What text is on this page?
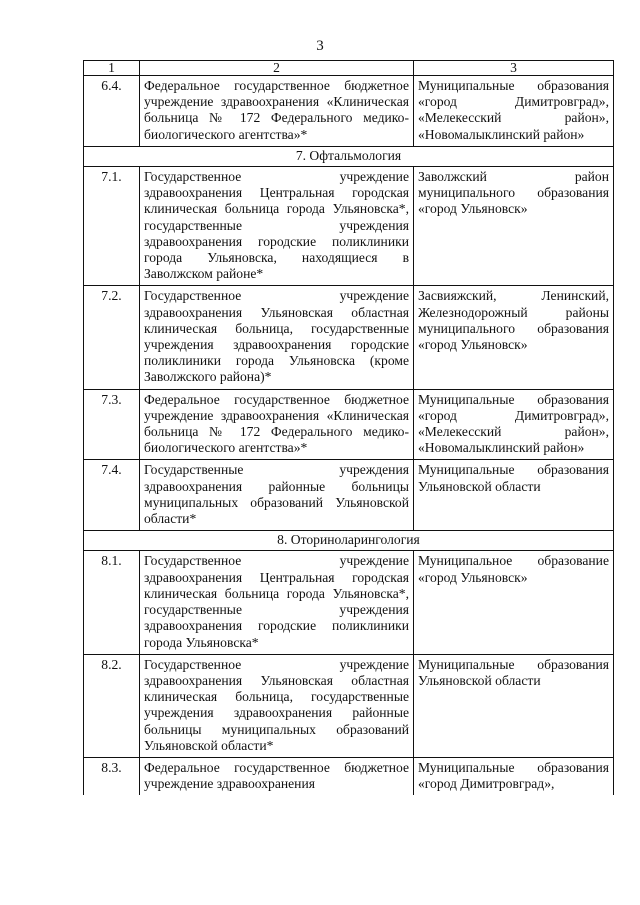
3
1	2	3
6.4.	Федеральное государственное бюджетное учреждение здравоохранения «Клиническая больница № 172 Федерального медико-биологического агентства»*	Муниципальные образования «город Димитровград», «Мелекесский район», «Новомалыклинский район»
7. Офтальмология		
7.1.	Государственное учреждение здравоохранения Центральная городская клиническая больница города Ульяновска*, государственные учреждения здравоохранения городские поликлиники города Ульяновска, находящиеся в Заволжском районе*	Заволжский район муниципального образования «город Ульяновск»
7.2.	Государственное учреждение здравоохранения Ульяновская областная клиническая больница, государственные учреждения здравоохранения городские поликлиники города Ульяновска (кроме Заволжского района)*	Засвияжский, Ленинский, Железнодорожный районы муниципального образования «город Ульяновск»
7.3.	Федеральное государственное бюджетное учреждение здравоохранения «Клиническая больница № 172 Федерального медико-биологического агентства»*	Муниципальные образования «город Димитровград», «Мелекесский район», «Новомалыклинский район»
7.4.	Государственные учреждения здравоохранения районные больницы муниципальных образований Ульяновской области*	Муниципальные образования Ульяновской области
8. Оториноларингология		
8.1.	Государственное учреждение здравоохранения Центральная городская клиническая больница города Ульяновска*, государственные учреждения здравоохранения городские поликлиники города Ульяновска*	Муниципальное образование «город Ульяновск»
8.2.	Государственное учреждение здравоохранения Ульяновская областная клиническая больница, государственные учреждения здравоохранения районные больницы муниципальных образований Ульяновской области*	Муниципальные образования Ульяновской области
8.3.	Федеральное государственное бюджетное учреждение здравоохранения	Муниципальные образования «город Димитровград»,
